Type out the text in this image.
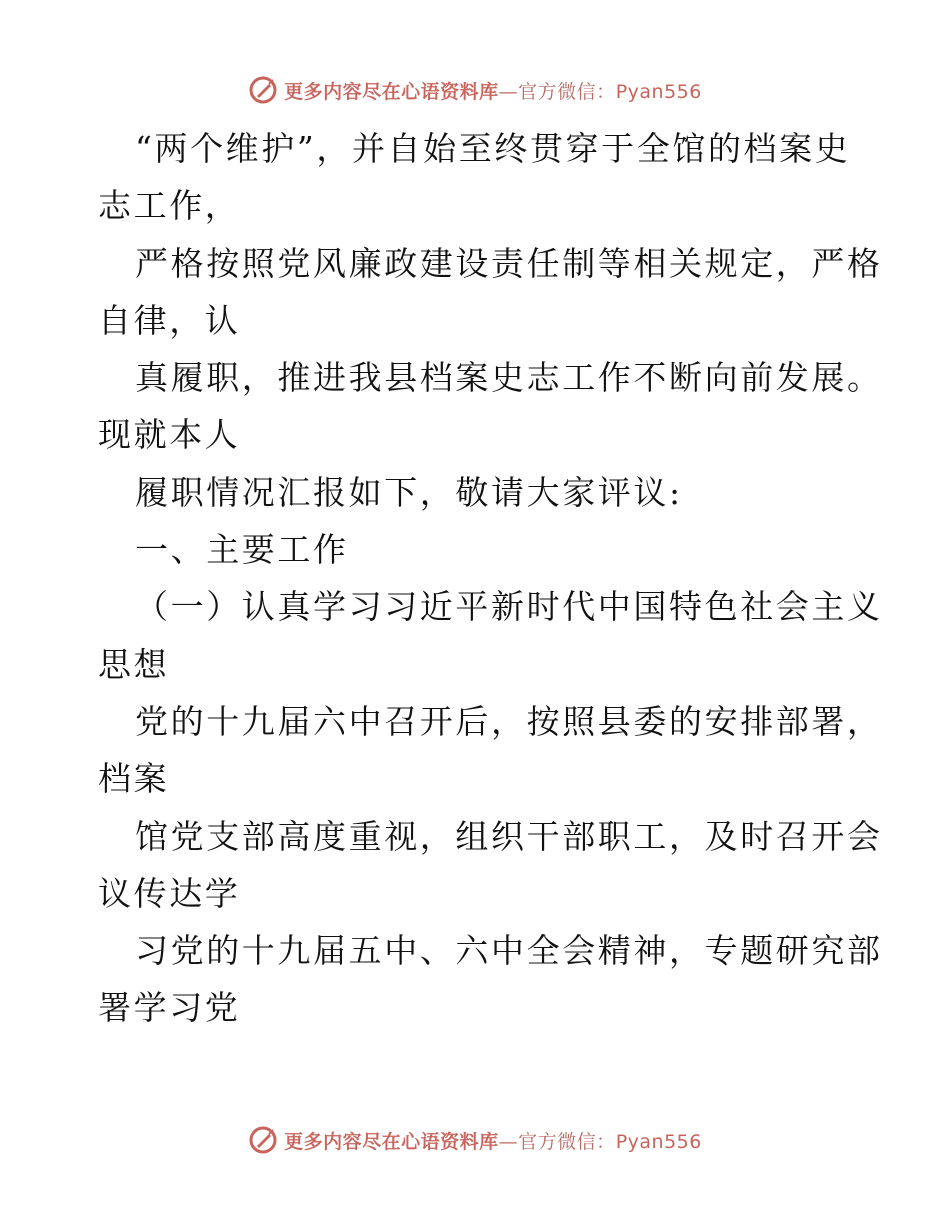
更多内容尽在心语资料库—官方微信：Pyan556
“两个维护”，并自始至终贯穿于全馆的档案史
志工作，
严格按照党风廉政建设责任制等相关规定，严格
自律，认
真履职，推进我县档案史志工作不断向前发展。
现就本人
履职情况汇报如下，敬请大家评议:
一、主要工作
（一）认真学习习近平新时代中国特色社会主义
思想
党的十九届六中召开后，按照县委的安排部署，
档案
馆党支部高度重视，组织干部职工，及时召开会
议传达学
习党的十九届五中、六中全会精神，专题研究部
署学习党
更多内容尽在心语资料库—官方微信：Pyan556
